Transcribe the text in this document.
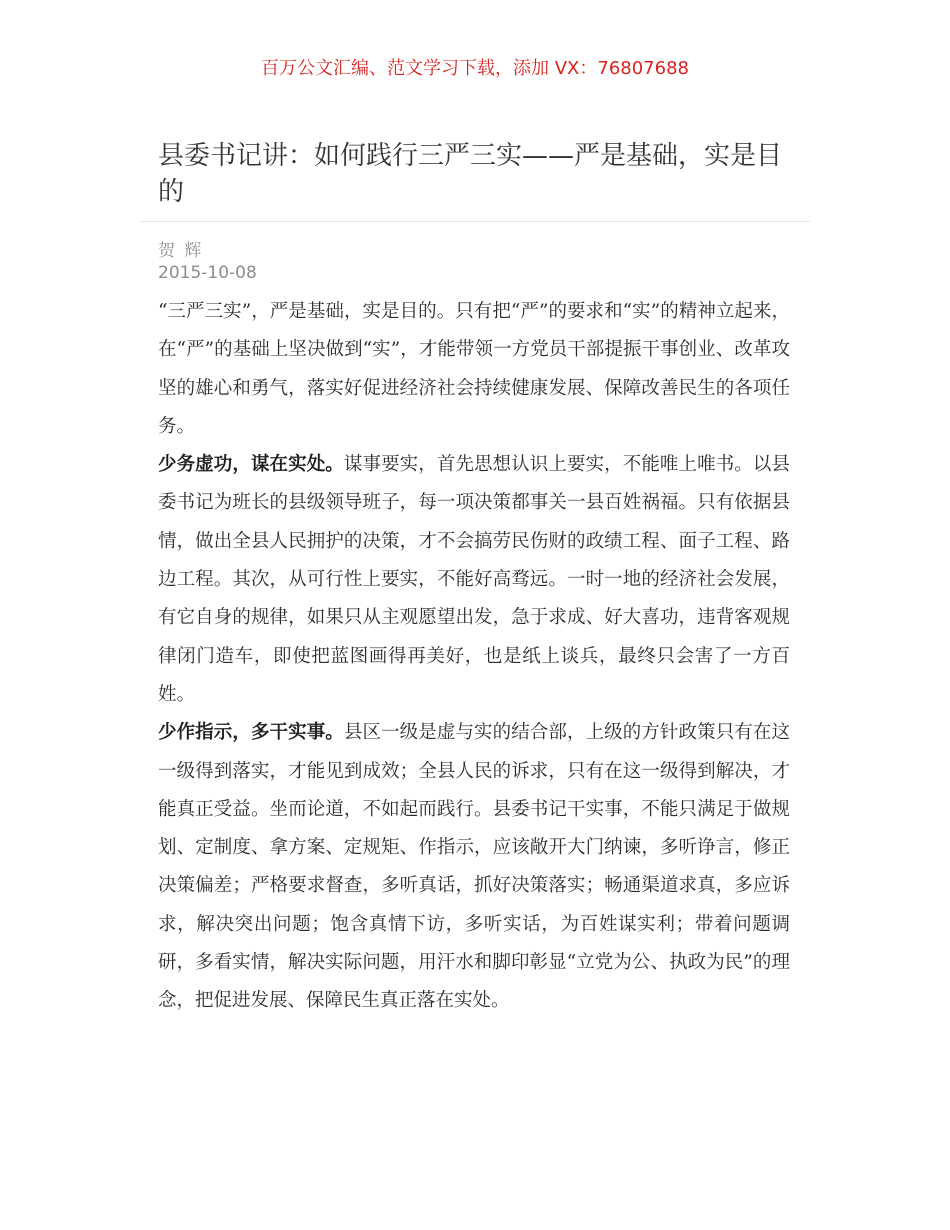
百万公文汇编、范文学习下载，添加 VX：76807688
县委书记讲：如何践行三严三实——严是基础，实是目的
贺 辉
2015-10-08

“三严三实”，严是基础，实是目的。只有把“严”的要求和“实”的精神立起来，在“严”的基础上坚决做到“实”，才能带领一方党员干部提振干事创业、改革攻坚的雄心和勇气，落实好促进经济社会持续健康发展、保障改善民生的各项任务。

少务虚功，谋在实处。谋事要实，首先思想认识上要实，不能唯上唯书。以县委书记为班长的县级领导班子，每一项决策都事关一县百姓祸福。只有依据县情，做出全县人民拥护的决策，才不会搞劳民伤财的政绩工程、面子工程、路边工程。其次，从可行性上要实，不能好高骛远。一时一地的经济社会发展，有它自身的规律，如果只从主观愿望出发，急于求成、好大喜功，违背客观规律闭门造车，即使把蓝图画得再美好，也是纸上谈兵，最终只会害了一方百姓。

少作指示，多干实事。县区一级是虚与实的结合部，上级的方针政策只有在这一级得到落实，才能见到成效；全县人民的诉求，只有在这一级得到解决，才能真正受益。坐而论道，不如起而践行。县委书记干实事，不能只满足于做规划、定制度、拿方案、定规矩、作指示，应该敞开大门纳谏，多听诤言，修正决策偏差；严格要求督查，多听真话，抓好决策落实；畅通渠道求真，多应诉求，解决突出问题；饱含真情下访，多听实话，为百姓谋实利；带着问题调研，多看实情，解决实际问题，用汗水和脚印彰显“立党为公、执政为民”的理念，把促进发展、保障民生真正落在实处。
